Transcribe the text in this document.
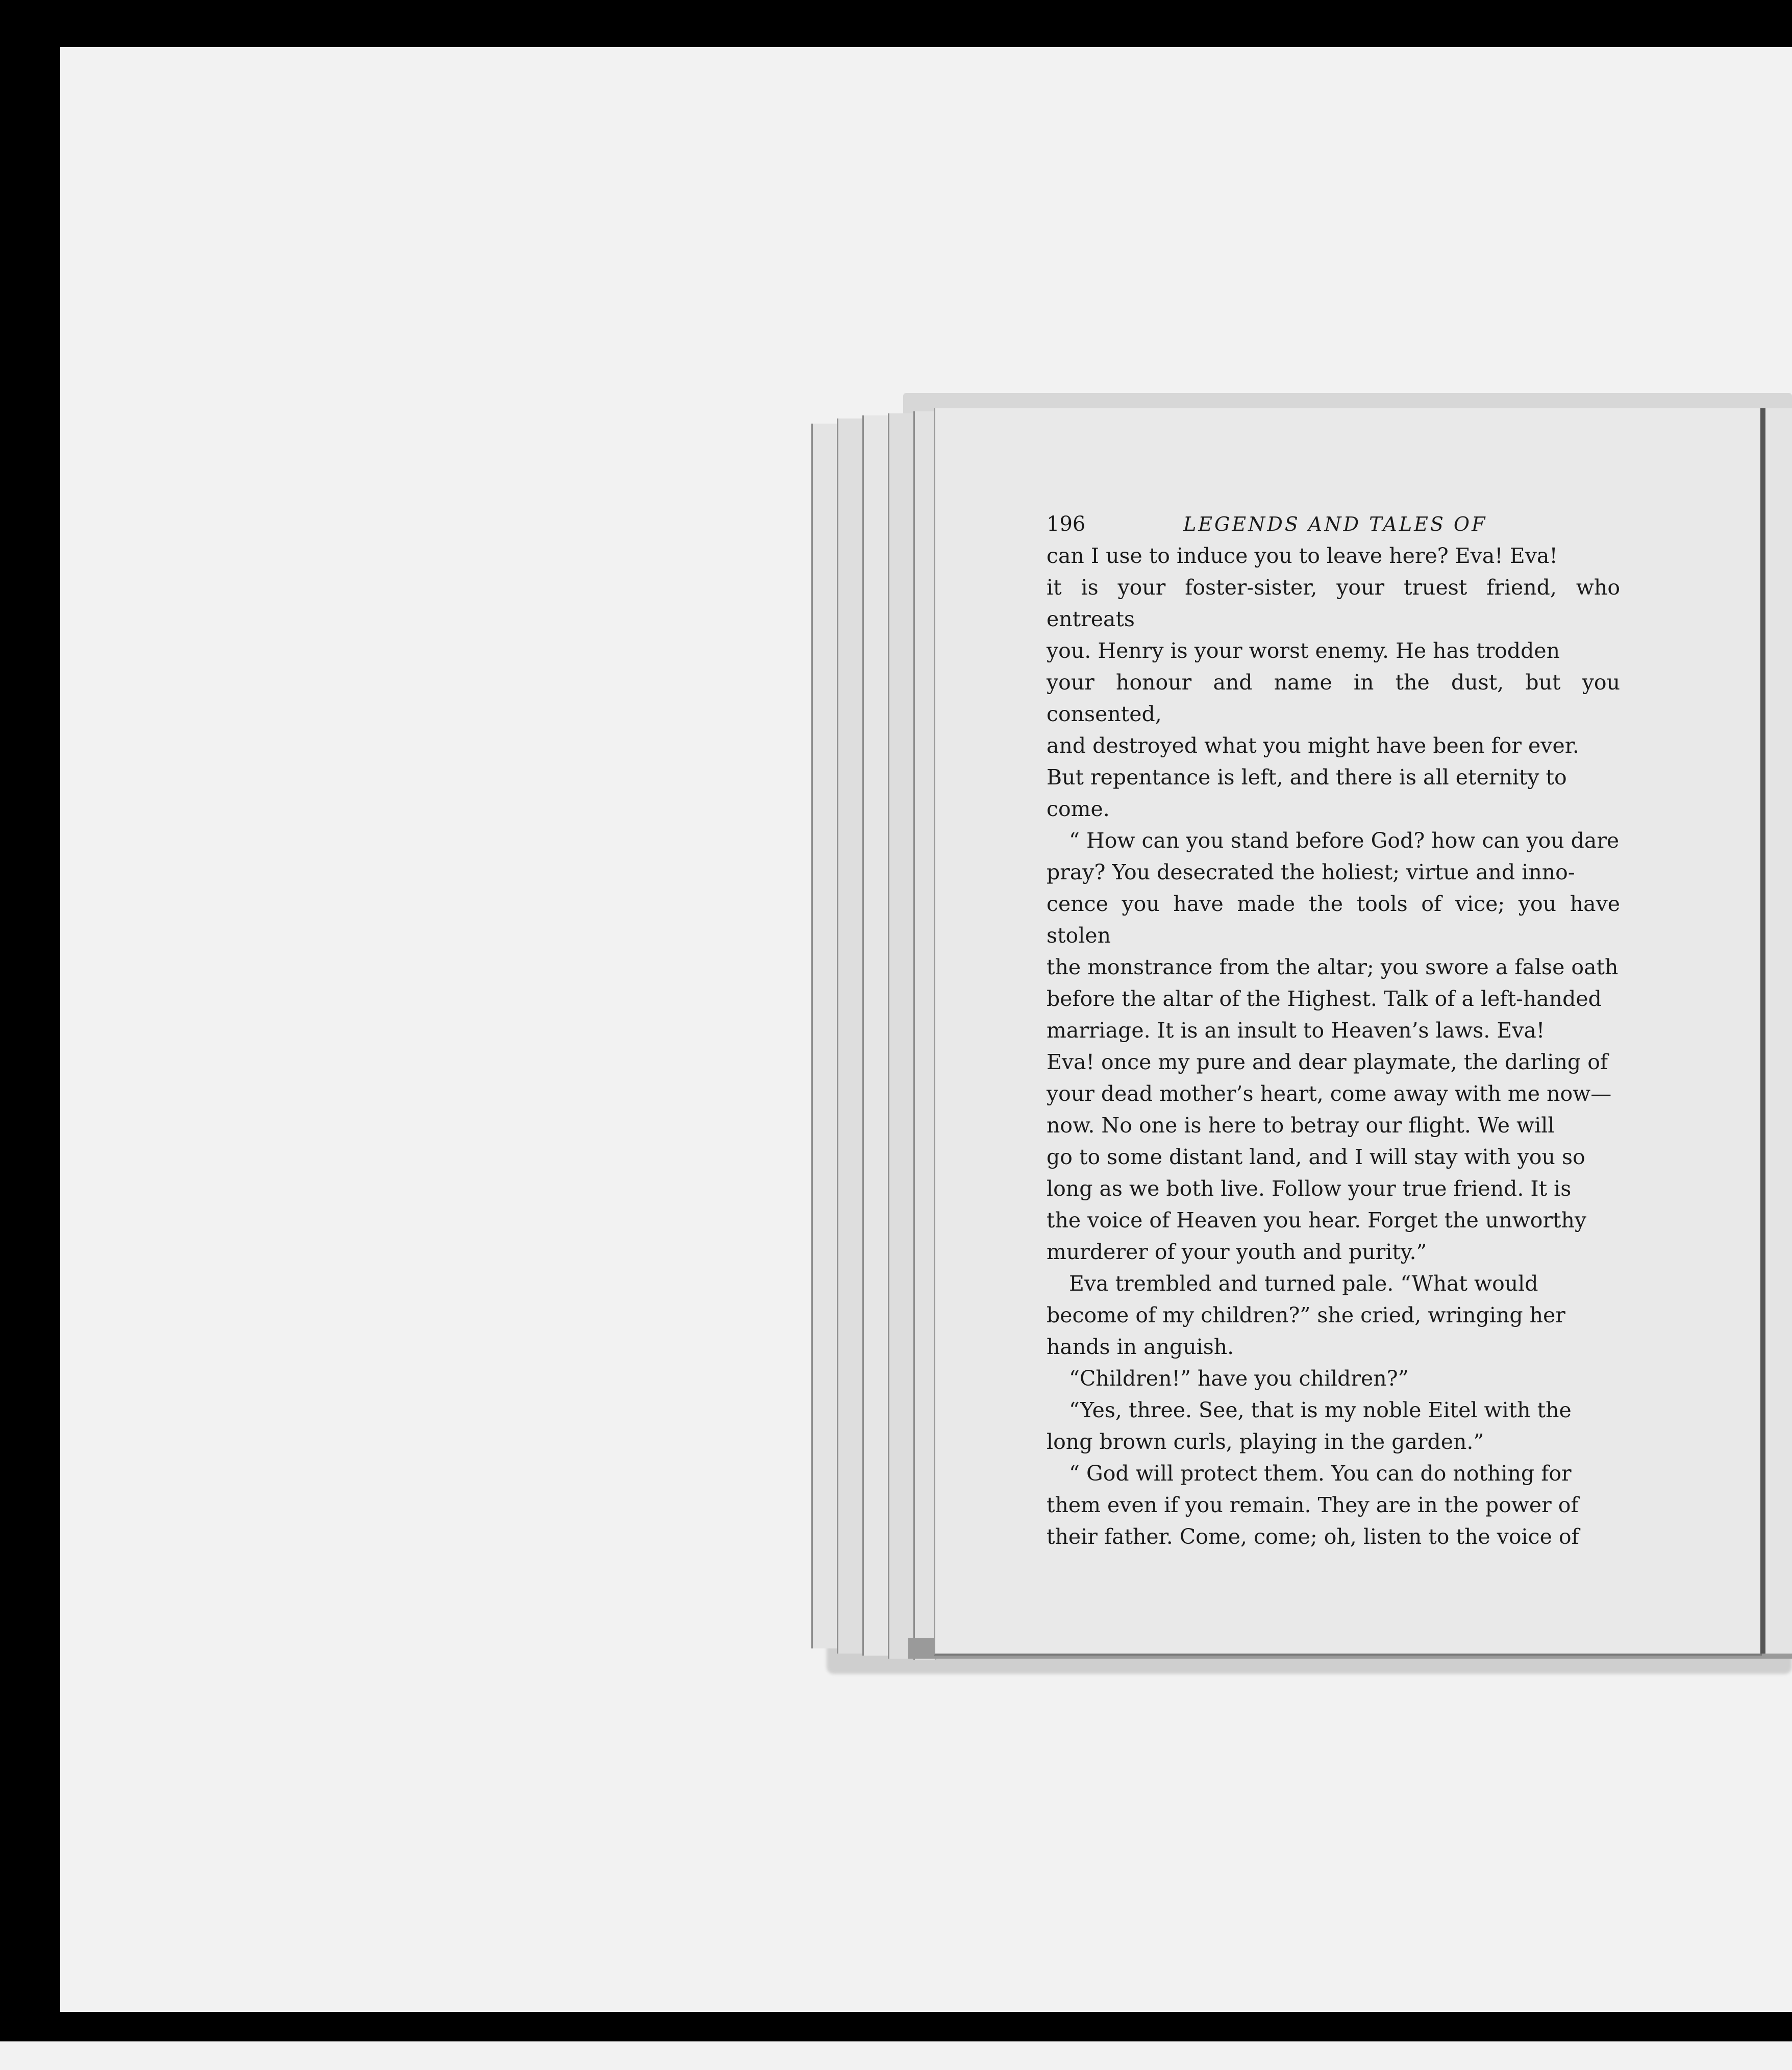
196	LEGENDS AND TALES OF
can I use to induce you to leave here? Eva! Eva!
it is your foster-sister, your truest friend, who entreats
you. Henry is your worst enemy. He has trodden
your honour and name in the dust, but you consented,
and destroyed what you might have been for ever.
But repentance is left, and there is all eternity to
come.
“ How can you stand before God? how can you dare
pray? You desecrated the holiest; virtue and inno-
cence you have made the tools of vice; you have stolen
the monstrance from the altar; you swore a false oath
before the altar of the Highest. Talk of a left-handed
marriage. It is an insult to Heaven’s laws. Eva!
Eva! once my pure and dear playmate, the darling of
your dead mother’s heart, come away with me now—
now. No one is here to betray our flight. We will
go to some distant land, and I will stay with you so
long as we both live. Follow your true friend. It is
the voice of Heaven you hear. Forget the unworthy
murderer of your youth and purity.”
Eva trembled and turned pale. “What would
become of my children?” she cried, wringing her
hands in anguish.
“Children!” have you children?”
“Yes, three. See, that is my noble Eitel with the
long brown curls, playing in the garden.”
“ God will protect them. You can do nothing for
them even if you remain. They are in the power of
their father. Come, come; oh, listen to the voice of
